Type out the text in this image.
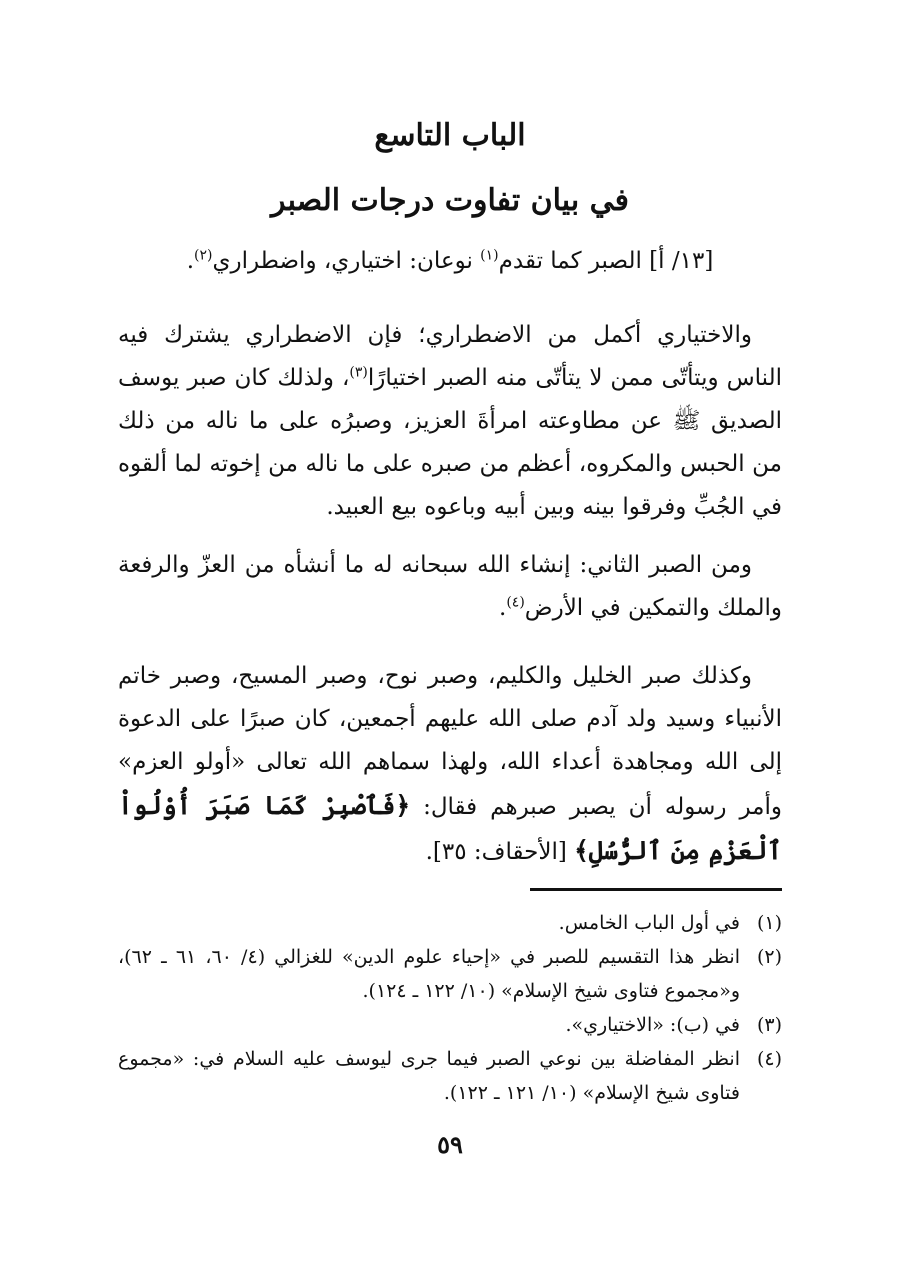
الباب التاسع
في بيان تفاوت درجات الصبر

[١٣/ أ] الصبر كما تقدم$^{(١)}$ نوعان: اختياري، واضطراري$^{(٢)}$.

والاختياري أكمل من الاضطراري؛ فإن الاضطراري يشترك فيه الناس ويتأتّى ممن لا يتأتّى منه الصبر اختيارًا$^{(٣)}$، ولذلك كان صبر يوسف الصديق ﷺ عن مطاوعته امرأةَ العزيز، وصبرُه على ما ناله من ذلك من الحبس والمكروه، أعظم من صبره على ما ناله من إخوته لما ألقوه في الجُبِّ وفرقوا بينه وبين أبيه وباعوه بيع العبيد.

ومن الصبر الثاني: إنشاء الله سبحانه له ما أنشأه من العزّ والرفعة والملك والتمكين في الأرض$^{(٤)}$.

وكذلك صبر الخليل والكليم، وصبر نوح، وصبر المسيح، وصبر خاتم الأنبياء وسيد ولد آدم صلى الله عليهم أجمعين، كان صبرًا على الدعوة إلى الله ومجاهدة أعداء الله، ولهذا سماهم الله تعالى «أولو العزم» وأمر رسوله أن يصبر صبرهم فقال: ﴿فَٱصْبِرْ كَمَا صَبَرَ أُوْلُواْ ٱلْعَزْمِ مِنَ ٱلرُّسُلِ﴾ [الأحقاف: ٣٥].

(١)
في أول الباب الخامس.
(٢)
انظر هذا التقسيم للصبر في «إحياء علوم الدين» للغزالي (٤/ ٦٠، ٦١ ـ ٦٢)، و«مجموع فتاوى شيخ الإسلام» (١٠/ ١٢٢ ـ ١٢٤).
(٣)
في (ب): «الاختياري».
(٤)
انظر المفاضلة بين نوعي الصبر فيما جرى ليوسف عليه السلام في: «مجموع فتاوى شيخ الإسلام» (١٠/ ١٢١ ـ ١٢٢).
٥٩
